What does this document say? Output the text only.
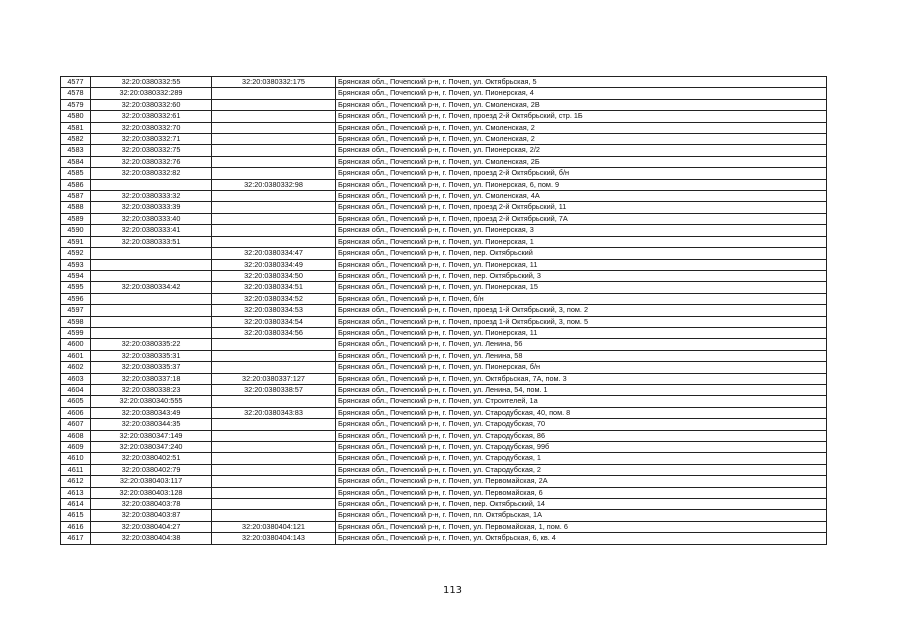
4577	32:20:0380332:55	32:20:0380332:175	Брянская обл., Почепский р-н, г. Почеп, ул. Октябрьская, 5
4578	32:20:0380332:289		Брянская обл., Почепский р-н, г. Почеп, ул. Пионерская, 4
4579	32:20:0380332:60		Брянская обл., Почепский р-н, г. Почеп, ул. Смоленская, 2В
4580	32:20:0380332:61		Брянская обл., Почепский р-н, г. Почеп, проезд 2-й Октябрьский, стр. 1Б
4581	32:20:0380332:70		Брянская обл., Почепский р-н, г. Почеп, ул. Смоленская, 2
4582	32:20:0380332:71		Брянская обл., Почепский р-н, г. Почеп, ул. Смоленская, 2
4583	32:20:0380332:75		Брянская обл., Почепский р-н, г. Почеп, ул. Пионерская, 2/2
4584	32:20:0380332:76		Брянская обл., Почепский р-н, г. Почеп, ул. Смоленская, 2Б
4585	32:20:0380332:82		Брянская обл., Почепский р-н, г. Почеп, проезд 2-й Октябрьский, б/н
4586		32:20:0380332:98	Брянская обл., Почепский р-н, г. Почеп, ул. Пионерская, 6, пом. 9
4587	32:20:0380333:32		Брянская обл., Почепский р-н, г. Почеп, ул. Смоленская, 4А
4588	32:20:0380333:39		Брянская обл., Почепский р-н, г. Почеп, проезд 2-й Октябрьский, 11
4589	32:20:0380333:40		Брянская обл., Почепский р-н, г. Почеп, проезд 2-й Октябрьский, 7А
4590	32:20:0380333:41		Брянская обл., Почепский р-н, г. Почеп, ул. Пионерская, 3
4591	32:20:0380333:51		Брянская обл., Почепский р-н, г. Почеп, ул. Пионерская, 1
4592		32:20:0380334:47	Брянская обл., Почепский р-н, г. Почеп, пер. Октябрьский
4593		32:20:0380334:49	Брянская обл., Почепский р-н, г. Почеп, ул. Пионерская, 11
4594		32:20:0380334:50	Брянская обл., Почепский р-н, г. Почеп, пер. Октябрьский, 3
4595	32:20:0380334:42	32:20:0380334:51	Брянская обл., Почепский р-н, г. Почеп, ул. Пионерская, 15
4596		32:20:0380334:52	Брянская обл., Почепский р-н, г. Почеп, б/н
4597		32:20:0380334:53	Брянская обл., Почепский р-н, г. Почеп, проезд 1-й Октябрьский, 3, пом. 2
4598		32:20:0380334:54	Брянская обл., Почепский р-н, г. Почеп, проезд 1-й Октябрьский, 3, пом. 5
4599		32:20:0380334:56	Брянская обл., Почепский р-н, г. Почеп, ул. Пионерская, 11
4600	32:20:0380335:22		Брянская обл., Почепский р-н, г. Почеп, ул. Ленина, 56
4601	32:20:0380335:31		Брянская обл., Почепский р-н, г. Почеп, ул. Ленина, 58
4602	32:20:0380335:37		Брянская обл., Почепский р-н, г. Почеп, ул. Пионерская, б/н
4603	32:20:0380337:18	32:20:0380337:127	Брянская обл., Почепский р-н, г. Почеп, ул. Октябрьская, 7А, пом. 3
4604	32:20:0380338:23	32:20:0380338:57	Брянская обл., Почепский р-н, г. Почеп, ул. Ленина, 54, пом. 1
4605	32:20:0380340:555		Брянская обл., Почепский р-н, г. Почеп, ул. Строителей, 1а
4606	32:20:0380343:49	32:20:0380343:83	Брянская обл., Почепский р-н, г. Почеп, ул. Стародубская, 40, пом. 8
4607	32:20:0380344:35		Брянская обл., Почепский р-н, г. Почеп, ул. Стародубская, 70
4608	32:20:0380347:149		Брянская обл., Почепский р-н, г. Почеп, ул. Стародубская, 86
4609	32:20:0380347:240		Брянская обл., Почепский р-н, г. Почеп, ул. Стародубская, 99б
4610	32:20:0380402:51		Брянская обл., Почепский р-н, г. Почеп, ул. Стародубская, 1
4611	32:20:0380402:79		Брянская обл., Почепский р-н, г. Почеп, ул. Стародубская, 2
4612	32:20:0380403:117		Брянская обл., Почепский р-н, г. Почеп, ул. Первомайская, 2А
4613	32:20:0380403:128		Брянская обл., Почепский р-н, г. Почеп, ул. Первомайская, 6
4614	32:20:0380403:78		Брянская обл., Почепский р-н, г. Почеп, пер. Октябрьский, 14
4615	32:20:0380403:87		Брянская обл., Почепский р-н, г. Почеп, пл. Октябрьская, 1А
4616	32:20:0380404:27	32:20:0380404:121	Брянская обл., Почепский р-н, г. Почеп, ул. Первомайская, 1, пом. 6
4617	32:20:0380404:38	32:20:0380404:143	Брянская обл., Почепский р-н, г. Почеп, ул. Октябрьская, 6, кв. 4
113
